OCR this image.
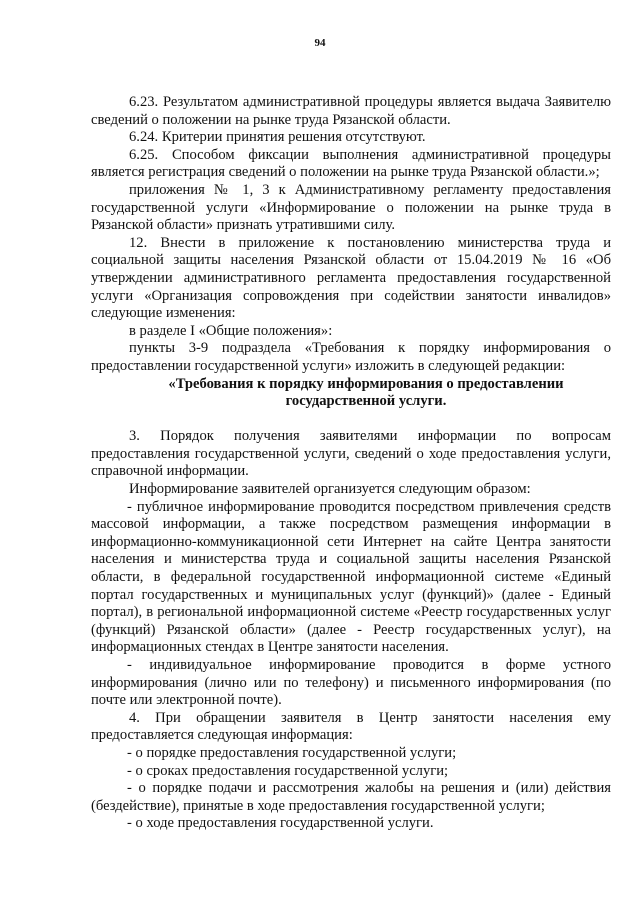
94

6.23. Результатом административной процедуры является выдача Заявителю сведений о положении на рынке труда Рязанской области.

6.24. Критерии принятия решения отсутствуют.

6.25. Способом фиксации выполнения административной процедуры является регистрация сведений о положении на рынке труда Рязанской области.»;

приложения № 1, 3 к Административному регламенту предоставления государственной услуги «Информирование о положении на рынке труда в Рязанской области» признать утратившими силу.

12. Внести в приложение к постановлению министерства труда и социальной защиты населения Рязанской области от 15.04.2019 № 16 «Об утверждении административного регламента предоставления государственной услуги «Организация сопровождения при содействии занятости инвалидов» следующие изменения:

в разделе I «Общие положения»:

пункты 3-9 подраздела «Требования к порядку информирования о предоставлении государственной услуги» изложить в следующей редакции:

«Требования к порядку информирования о предоставлении государственной услуги.

3. Порядок получения заявителями информации по вопросам предоставления государственной услуги, сведений о ходе предоставления услуги, справочной информации.

Информирование заявителей организуется следующим образом:

- публичное информирование проводится посредством привлечения средств массовой информации, а также посредством размещения информации в информационно-коммуникационной сети Интернет на сайте Центра занятости населения и министерства труда и социальной защиты населения Рязанской области, в федеральной государственной информационной системе «Единый портал государственных и муниципальных услуг (функций)» (далее - Единый портал), в региональной информационной системе «Реестр государственных услуг (функций) Рязанской области» (далее - Реестр государственных услуг), на информационных стендах в Центре занятости населения.

- индивидуальное информирование проводится в форме устного информирования (лично или по телефону) и письменного информирования (по почте или электронной почте).

4. При обращении заявителя в Центр занятости населения ему предоставляется следующая информация:

- о порядке предоставления государственной услуги;

- о сроках предоставления государственной услуги;

- о порядке подачи и рассмотрения жалобы на решения и (или) действия (бездействие), принятые в ходе предоставления государственной услуги;

- о ходе предоставления государственной услуги.
